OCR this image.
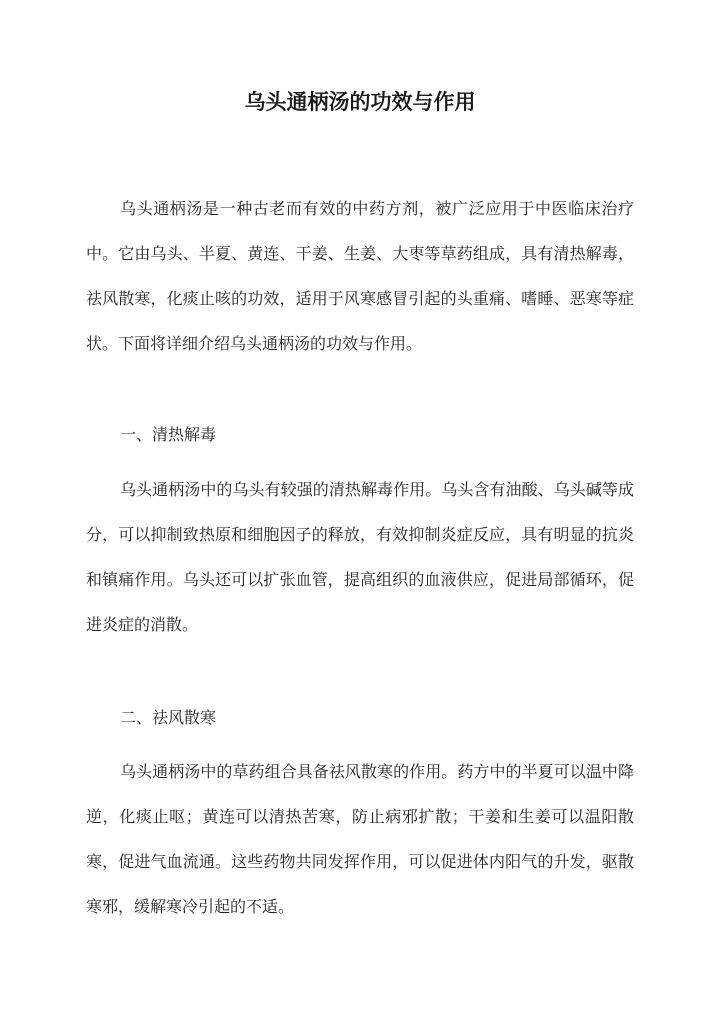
乌头通柄汤的功效与作用

乌头通柄汤是一种古老而有效的中药方剂，被广泛应用于中医临床治疗中。它由乌头、半夏、黄连、干姜、生姜、大枣等草药组成，具有清热解毒，祛风散寒，化痰止咳的功效，适用于风寒感冒引起的头重痛、嗜睡、恶寒等症状。下面将详细介绍乌头通柄汤的功效与作用。

一、清热解毒

乌头通柄汤中的乌头有较强的清热解毒作用。乌头含有油酸、乌头碱等成分，可以抑制致热原和细胞因子的释放，有效抑制炎症反应，具有明显的抗炎和镇痛作用。乌头还可以扩张血管，提高组织的血液供应，促进局部循环，促进炎症的消散。

二、祛风散寒

乌头通柄汤中的草药组合具备祛风散寒的作用。药方中的半夏可以温中降逆，化痰止呕；黄连可以清热苦寒，防止病邪扩散；干姜和生姜可以温阳散寒，促进气血流通。这些药物共同发挥作用，可以促进体内阳气的升发，驱散寒邪，缓解寒冷引起的不适。
